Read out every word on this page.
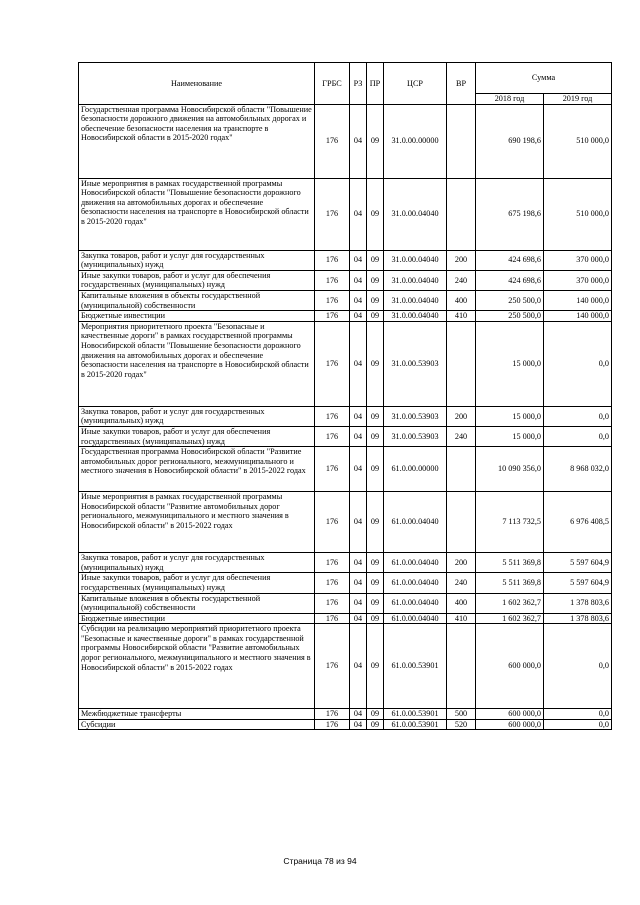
Наименование	ГРБС	РЗ	ПР	ЦСР	ВР	Сумма	
						2018 год	2019 год
Государственная программа Новосибирской области "Повышение безопасности дорожного движения на автомобильных дорогах и обеспечение безопасности населения на транспорте в Новосибирской области в 2015-2020 годах"	176	04	09	31.0.00.00000		690 198,6	510 000,0
Иные мероприятия в рамках государственной программы Новосибирской области "Повышение безопасности дорожного движения на автомобильных дорогах и обеспечение безопасности населения на транспорте в Новосибирской области в 2015-2020 годах"	176	04	09	31.0.00.04040		675 198,6	510 000,0
Закупка товаров, работ и услуг для государственных (муниципальных) нужд	176	04	09	31.0.00.04040	200	424 698,6	370 000,0
Иные закупки товаров, работ и услуг для обеспечения государственных (муниципальных) нужд	176	04	09	31.0.00.04040	240	424 698,6	370 000,0
Капитальные вложения в объекты государственной (муниципальной) собственности	176	04	09	31.0.00.04040	400	250 500,0	140 000,0
Бюджетные инвестиции	176	04	09	31.0.00.04040	410	250 500,0	140 000,0
Мероприятия приоритетного проекта "Безопасные и качественные дороги" в рамках государственной программы Новосибирской области "Повышение безопасности дорожного движения на автомобильных дорогах и обеспечение безопасности населения на транспорте в Новосибирской области в 2015-2020 годах"	176	04	09	31.0.00.53903		15 000,0	0,0
Закупка товаров, работ и услуг для государственных (муниципальных) нужд	176	04	09	31.0.00.53903	200	15 000,0	0,0
Иные закупки товаров, работ и услуг для обеспечения государственных (муниципальных) нужд	176	04	09	31.0.00.53903	240	15 000,0	0,0
Государственная программа Новосибирской области "Развитие автомобильных дорог регионального, межмуниципального и местного значения в Новосибирской области" в 2015-2022 годах	176	04	09	61.0.00.00000		10 090 356,0	8 968 032,0
Иные мероприятия в рамках государственной программы Новосибирской области "Развитие автомобильных дорог регионального, межмуниципального и местного значения в Новосибирской области" в 2015-2022 годах	176	04	09	61.0.00.04040		7 113 732,5	6 976 408,5
Закупка товаров, работ и услуг для государственных (муниципальных) нужд	176	04	09	61.0.00.04040	200	5 511 369,8	5 597 604,9
Иные закупки товаров, работ и услуг для обеспечения государственных (муниципальных) нужд	176	04	09	61.0.00.04040	240	5 511 369,8	5 597 604,9
Капитальные вложения в объекты государственной (муниципальной) собственности	176	04	09	61.0.00.04040	400	1 602 362,7	1 378 803,6
Бюджетные инвестиции	176	04	09	61.0.00.04040	410	1 602 362,7	1 378 803,6
Субсидии на реализацию мероприятий приоритетного проекта "Безопасные и качественные дороги" в рамках государственной программы Новосибирской области "Развитие автомобильных дорог регионального, межмуниципального и местного значения в Новосибирской области" в 2015-2022 годах	176	04	09	61.0.00.53901		600 000,0	0,0
Межбюджетные трансферты	176	04	09	61.0.00.53901	500	600 000,0	0,0
Субсидии	176	04	09	61.0.00.53901	520	600 000,0	0,0
Страница 78 из 94
